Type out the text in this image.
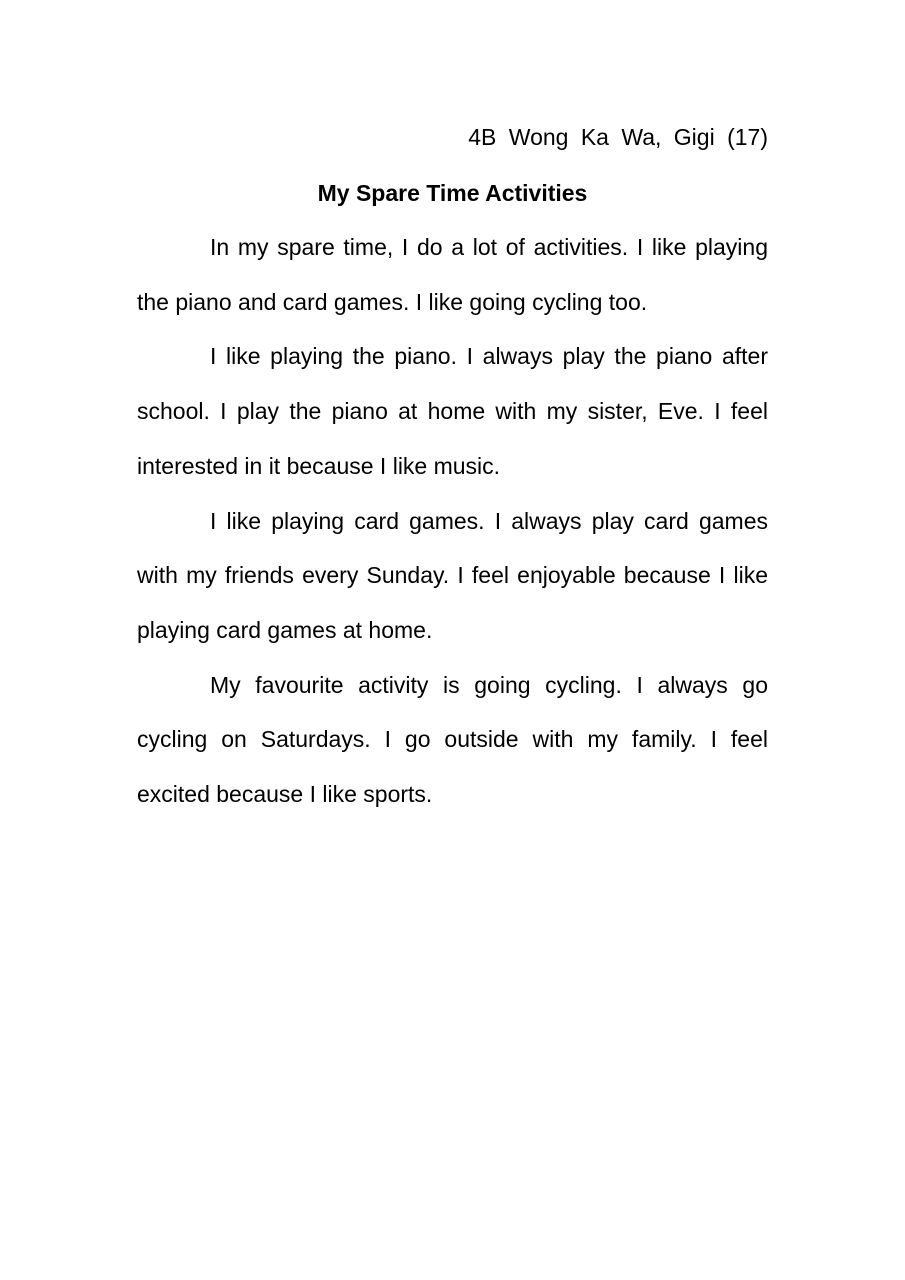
4B Wong Ka Wa, Gigi (17)
My Spare Time Activities

In my spare time, I do a lot of activities. I like playing the piano and card games. I like going cycling too.

I like playing the piano. I always play the piano after school. I play the piano at home with my sister, Eve. I feel interested in it because I like music.

I like playing card games. I always play card games with my friends every Sunday. I feel enjoyable because I like playing card games at home.

My favourite activity is going cycling. I always go cycling on Saturdays. I go outside with my family. I feel excited because I like sports.
